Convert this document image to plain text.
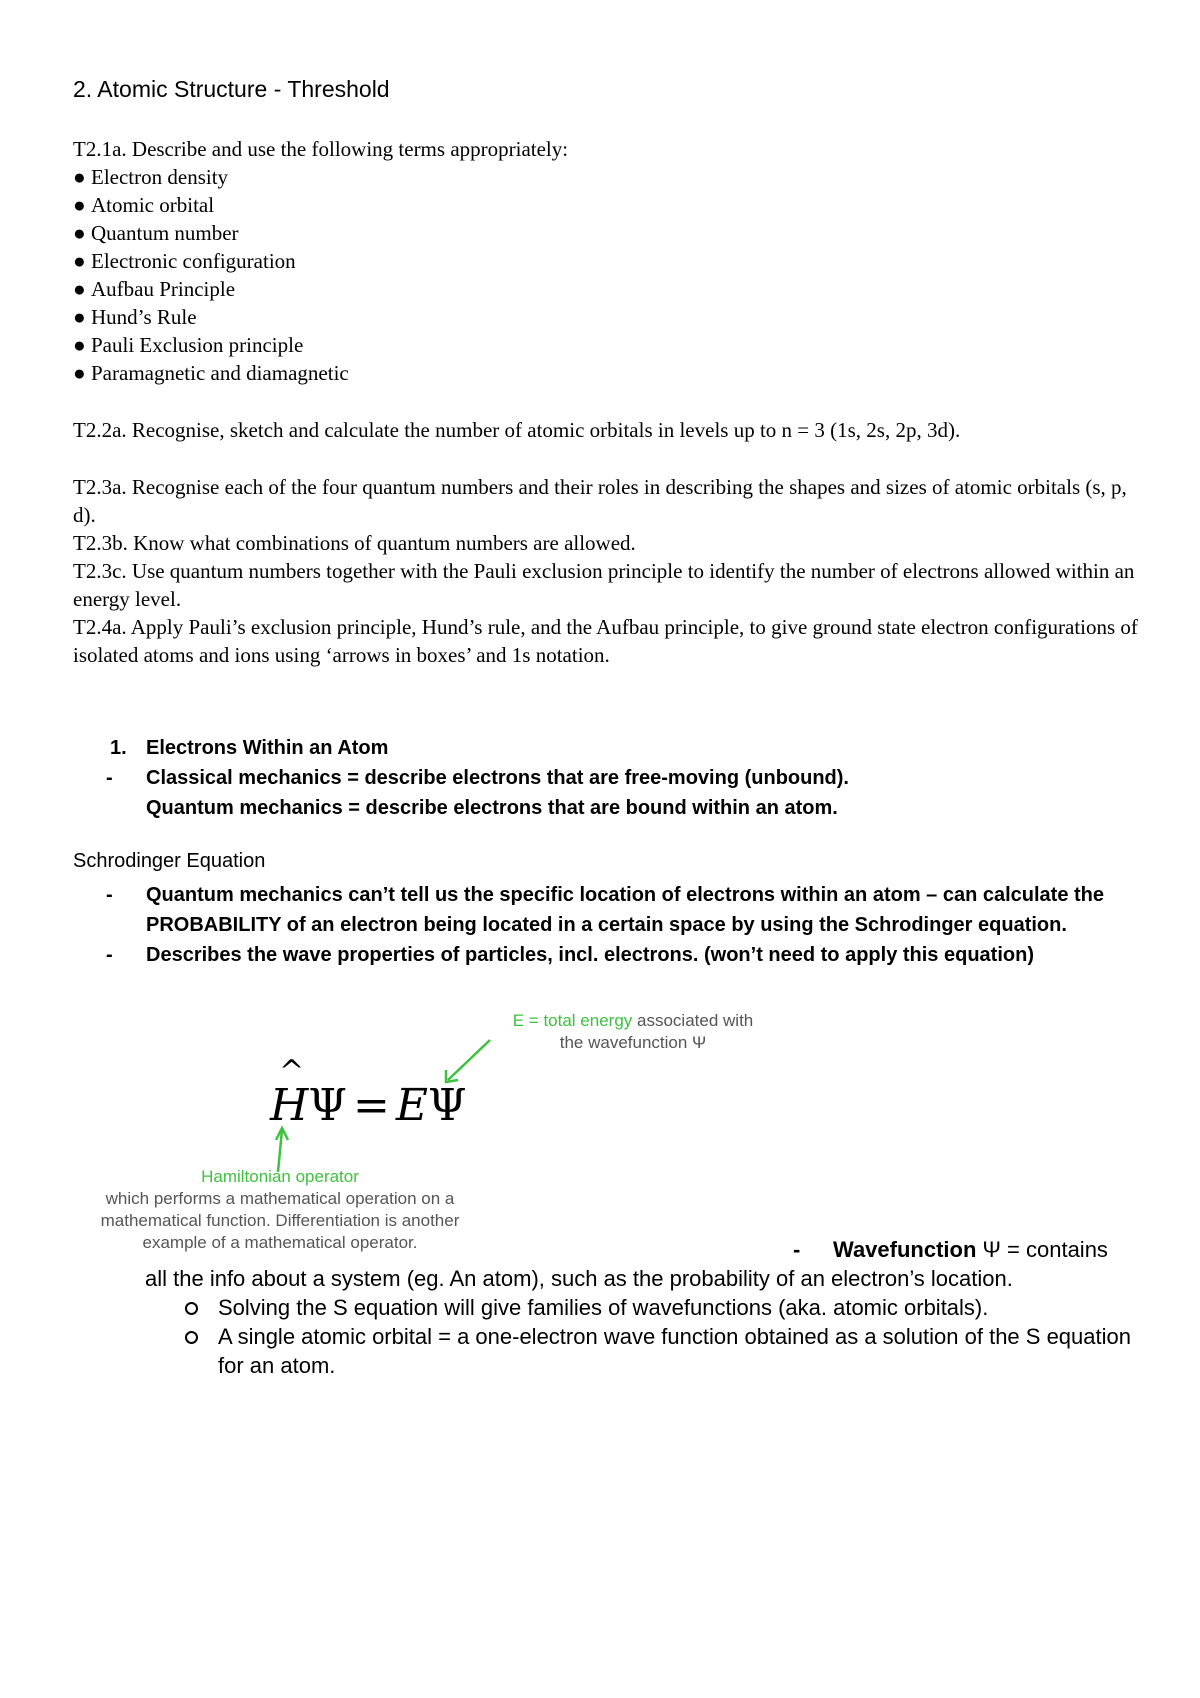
2. Atomic Structure - Threshold
T2.1a. Describe and use the following terms appropriately:
● Electron density
● Atomic orbital
● Quantum number
● Electronic configuration
● Aufbau Principle
● Hund’s Rule
● Pauli Exclusion principle
● Paramagnetic and diamagnetic
T2.2a. Recognise, sketch and calculate the number of atomic orbitals in levels up to n = 3 (1s, 2s, 2p, 3d).
T2.3a. Recognise each of the four quantum numbers and their roles in describing the shapes and sizes of atomic orbitals (s, p, d).
T2.3b. Know what combinations of quantum numbers are allowed.
T2.3c. Use quantum numbers together with the Pauli exclusion principle to identify the number of electrons allowed within an energy level.
T2.4a. Apply Pauli’s exclusion principle, Hund’s rule, and the Aufbau principle, to give ground state electron configurations of isolated atoms and ions using ‘arrows in boxes’ and 1s notation.
1. Electrons Within an Atom
-	Classical mechanics = describe electrons that are free-moving (unbound).
Quantum mechanics = describe electrons that are bound within an atom.
Schrodinger Equation
-	Quantum mechanics can’t tell us the specific location of electrons within an atom – can calculate the PROBABILITY of an electron being located in a certain space by using the Schrodinger equation.
-	Describes the wave properties of particles, incl. electrons. (won’t need to apply this equation)
^ HΨ = EΨ
E = total energy associated with
the wavefunction Ψ
Hamiltonian operator
which performs a mathematical operation on a mathematical function. Differentiation is another example of a mathematical operator.	- Wavefunction Ψ = contains
all the info about a system (eg. An atom), such as the probability of an electron’s location.
Solving the S equation will give families of wavefunctions (aka. atomic orbitals).
A single atomic orbital = a one-electron wave function obtained as a solution of the S equation for an atom.
